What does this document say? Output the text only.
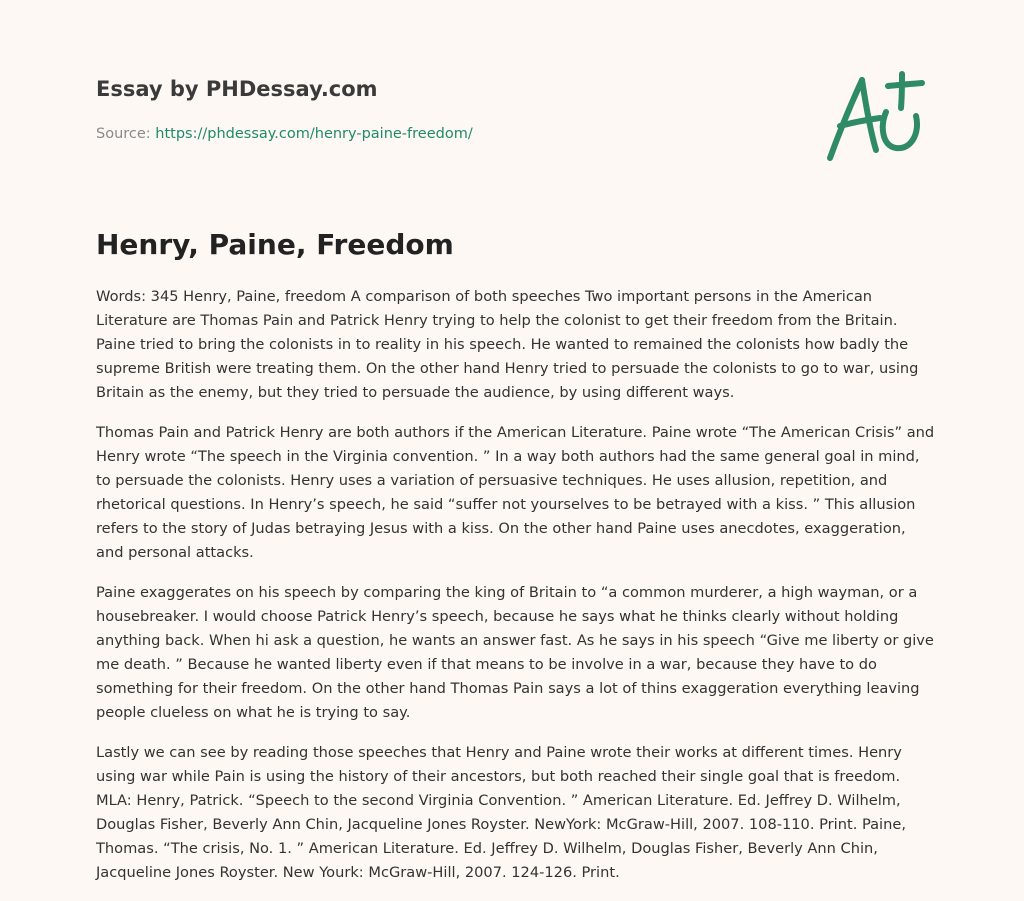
Essay by PHDessay.com

Source: https://phdessay.com/henry-paine-freedom/
Henry, Paine, Freedom

Words: 345 Henry, Paine, freedom A comparison of both speeches Two important persons in the American Literature are Thomas Pain and Patrick Henry trying to help the colonist to get their freedom from the Britain. Paine tried to bring the colonists in to reality in his speech. He wanted to remained the colonists how badly the supreme British were treating them. On the other hand Henry tried to persuade the colonists to go to war, using Britain as the enemy, but they tried to persuade the audience, by using different ways.

Thomas Pain and Patrick Henry are both authors if the American Literature. Paine wrote “The American Crisis” and Henry wrote “The speech in the Virginia convention. ” In a way both authors had the same general goal in mind, to persuade the colonists. Henry uses a variation of persuasive techniques. He uses allusion, repetition, and rhetorical questions. In Henry’s speech, he said “suffer not yourselves to be betrayed with a kiss. ” This allusion refers to the story of Judas betraying Jesus with a kiss. On the other hand Paine uses anecdotes, exaggeration, and personal attacks.

Paine exaggerates on his speech by comparing the king of Britain to “a common murderer, a high wayman, or a housebreaker. I would choose Patrick Henry’s speech, because he says what he thinks clearly without holding anything back. When hi ask a question, he wants an answer fast. As he says in his speech “Give me liberty or give me death. ” Because he wanted liberty even if that means to be involve in a war, because they have to do something for their freedom. On the other hand Thomas Pain says a lot of thins exaggeration everything leaving people clueless on what he is trying to say.

Lastly we can see by reading those speeches that Henry and Paine wrote their works at different times. Henry using war while Pain is using the history of their ancestors, but both reached their single goal that is freedom. MLA: Henry, Patrick. “Speech to the second Virginia Convention. ” American Literature. Ed. Jeffrey D. Wilhelm, Douglas Fisher, Beverly Ann Chin, Jacqueline Jones Royster. NewYork: McGraw-Hill, 2007. 108-110. Print. Paine, Thomas. “The crisis, No. 1. ” American Literature. Ed. Jeffrey D. Wilhelm, Douglas Fisher, Beverly Ann Chin, Jacqueline Jones Royster. New Yourk: McGraw-Hill, 2007. 124-126. Print.
